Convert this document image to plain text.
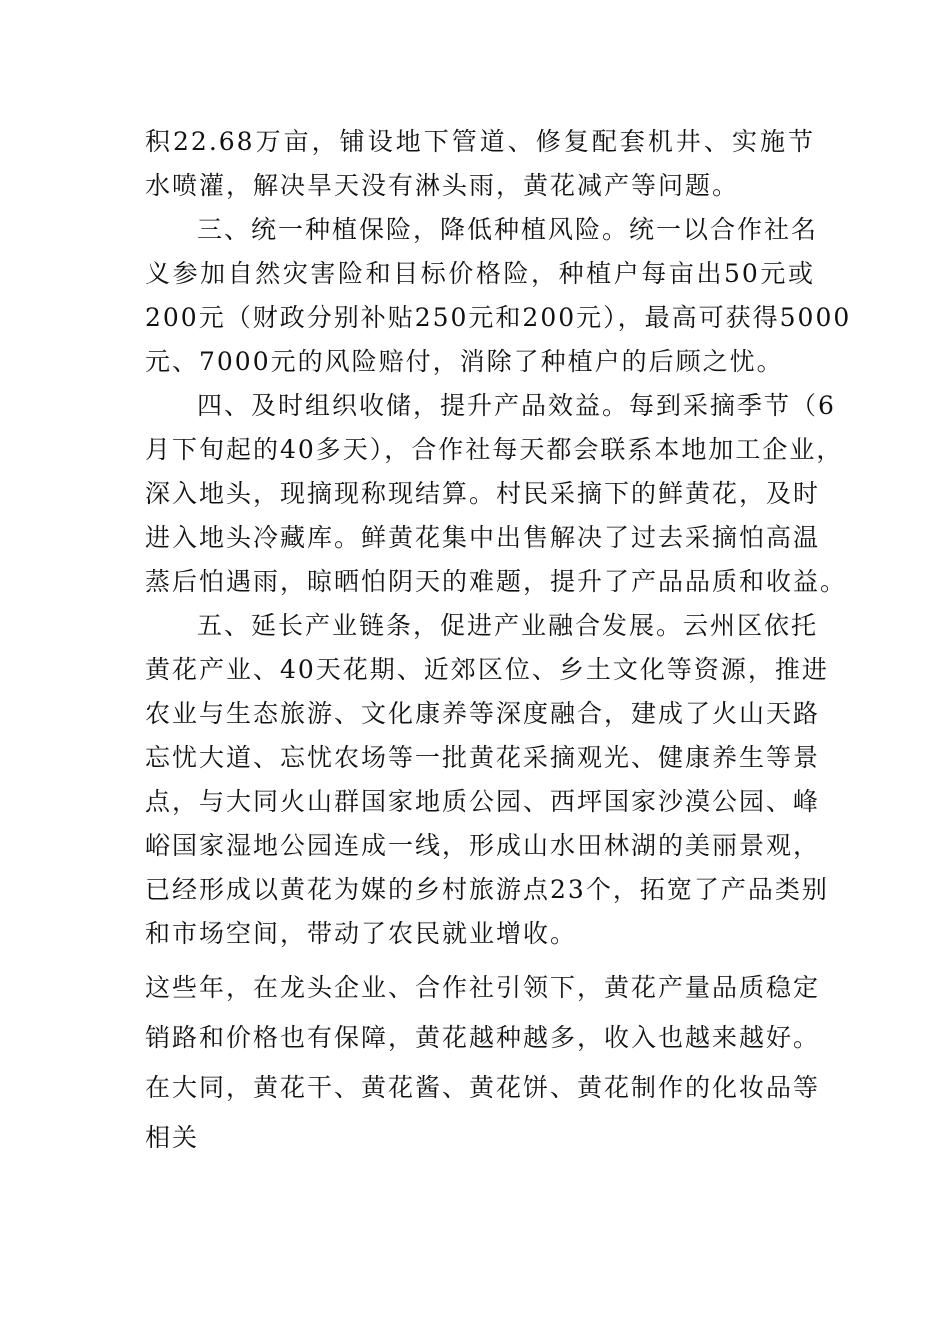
积22.68万亩，铺设地下管道、修复配套机井、实施节
水喷灌，解决旱天没有淋头雨，黄花减产等问题。
三、统一种植保险，降低种植风险。统一以合作社名
义参加自然灾害险和目标价格险，种植户每亩出50元或
200元（财政分别补贴250元和200元），最高可获得5000
元、7000元的风险赔付，消除了种植户的后顾之忧。
四、及时组织收储，提升产品效益。每到采摘季节（6
月下旬起的40多天），合作社每天都会联系本地加工企业，
深入地头，现摘现称现结算。村民采摘下的鲜黄花，及时
进入地头冷藏库。鲜黄花集中出售解决了过去采摘怕高温
蒸后怕遇雨，晾晒怕阴天的难题，提升了产品品质和收益。
五、延长产业链条，促进产业融合发展。云州区依托
黄花产业、40天花期、近郊区位、乡土文化等资源，推进
农业与生态旅游、文化康养等深度融合，建成了火山天路
忘忧大道、忘忧农场等一批黄花采摘观光、健康养生等景
点，与大同火山群国家地质公园、西坪国家沙漠公园、峰
峪国家湿地公园连成一线，形成山水田林湖的美丽景观，
已经形成以黄花为媒的乡村旅游点23个，拓宽了产品类别
和市场空间，带动了农民就业增收。
这些年，在龙头企业、合作社引领下，黄花产量品质稳定
销路和价格也有保障，黄花越种越多，收入也越来越好。
在大同，黄花干、黄花酱、黄花饼、黄花制作的化妆品等
相关
